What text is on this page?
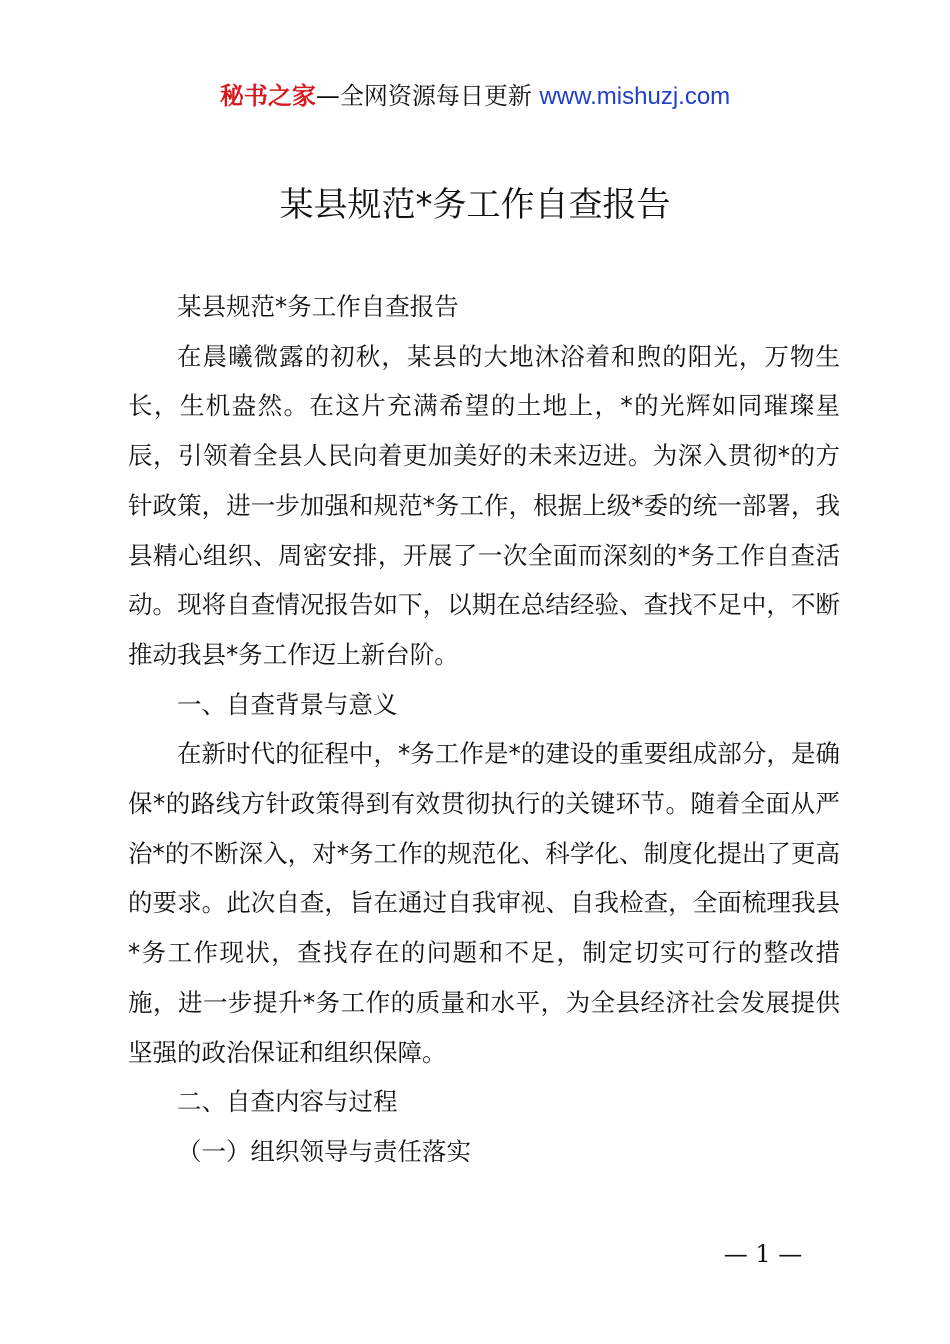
秘书之家—全网资源每日更新 www.mishuzj.com
某县规范*务工作自查报告

某县规范*务工作自查报告

在晨曦微露的初秋，某县的大地沐浴着和煦的阳光，万物生长，生机盎然。在这片充满希望的土地上，*的光辉如同璀璨星辰，引领着全县人民向着更加美好的未来迈进。为深入贯彻*的方针政策，进一步加强和规范*务工作，根据上级*委的统一部署，我县精心组织、周密安排，开展了一次全面而深刻的*务工作自查活动。现将自查情况报告如下，以期在总结经验、查找不足中，不断推动我县*务工作迈上新台阶。

一、自查背景与意义

在新时代的征程中，*务工作是*的建设的重要组成部分，是确保*的路线方针政策得到有效贯彻执行的关键环节。随着全面从严治*的不断深入，对*务工作的规范化、科学化、制度化提出了更高的要求。此次自查，旨在通过自我审视、自我检查，全面梳理我县*务工作现状，查找存在的问题和不足，制定切实可行的整改措施，进一步提升*务工作的质量和水平，为全县经济社会发展提供坚强的政治保证和组织保障。

二、自查内容与过程

（一）组织领导与责任落实

— 1 —
